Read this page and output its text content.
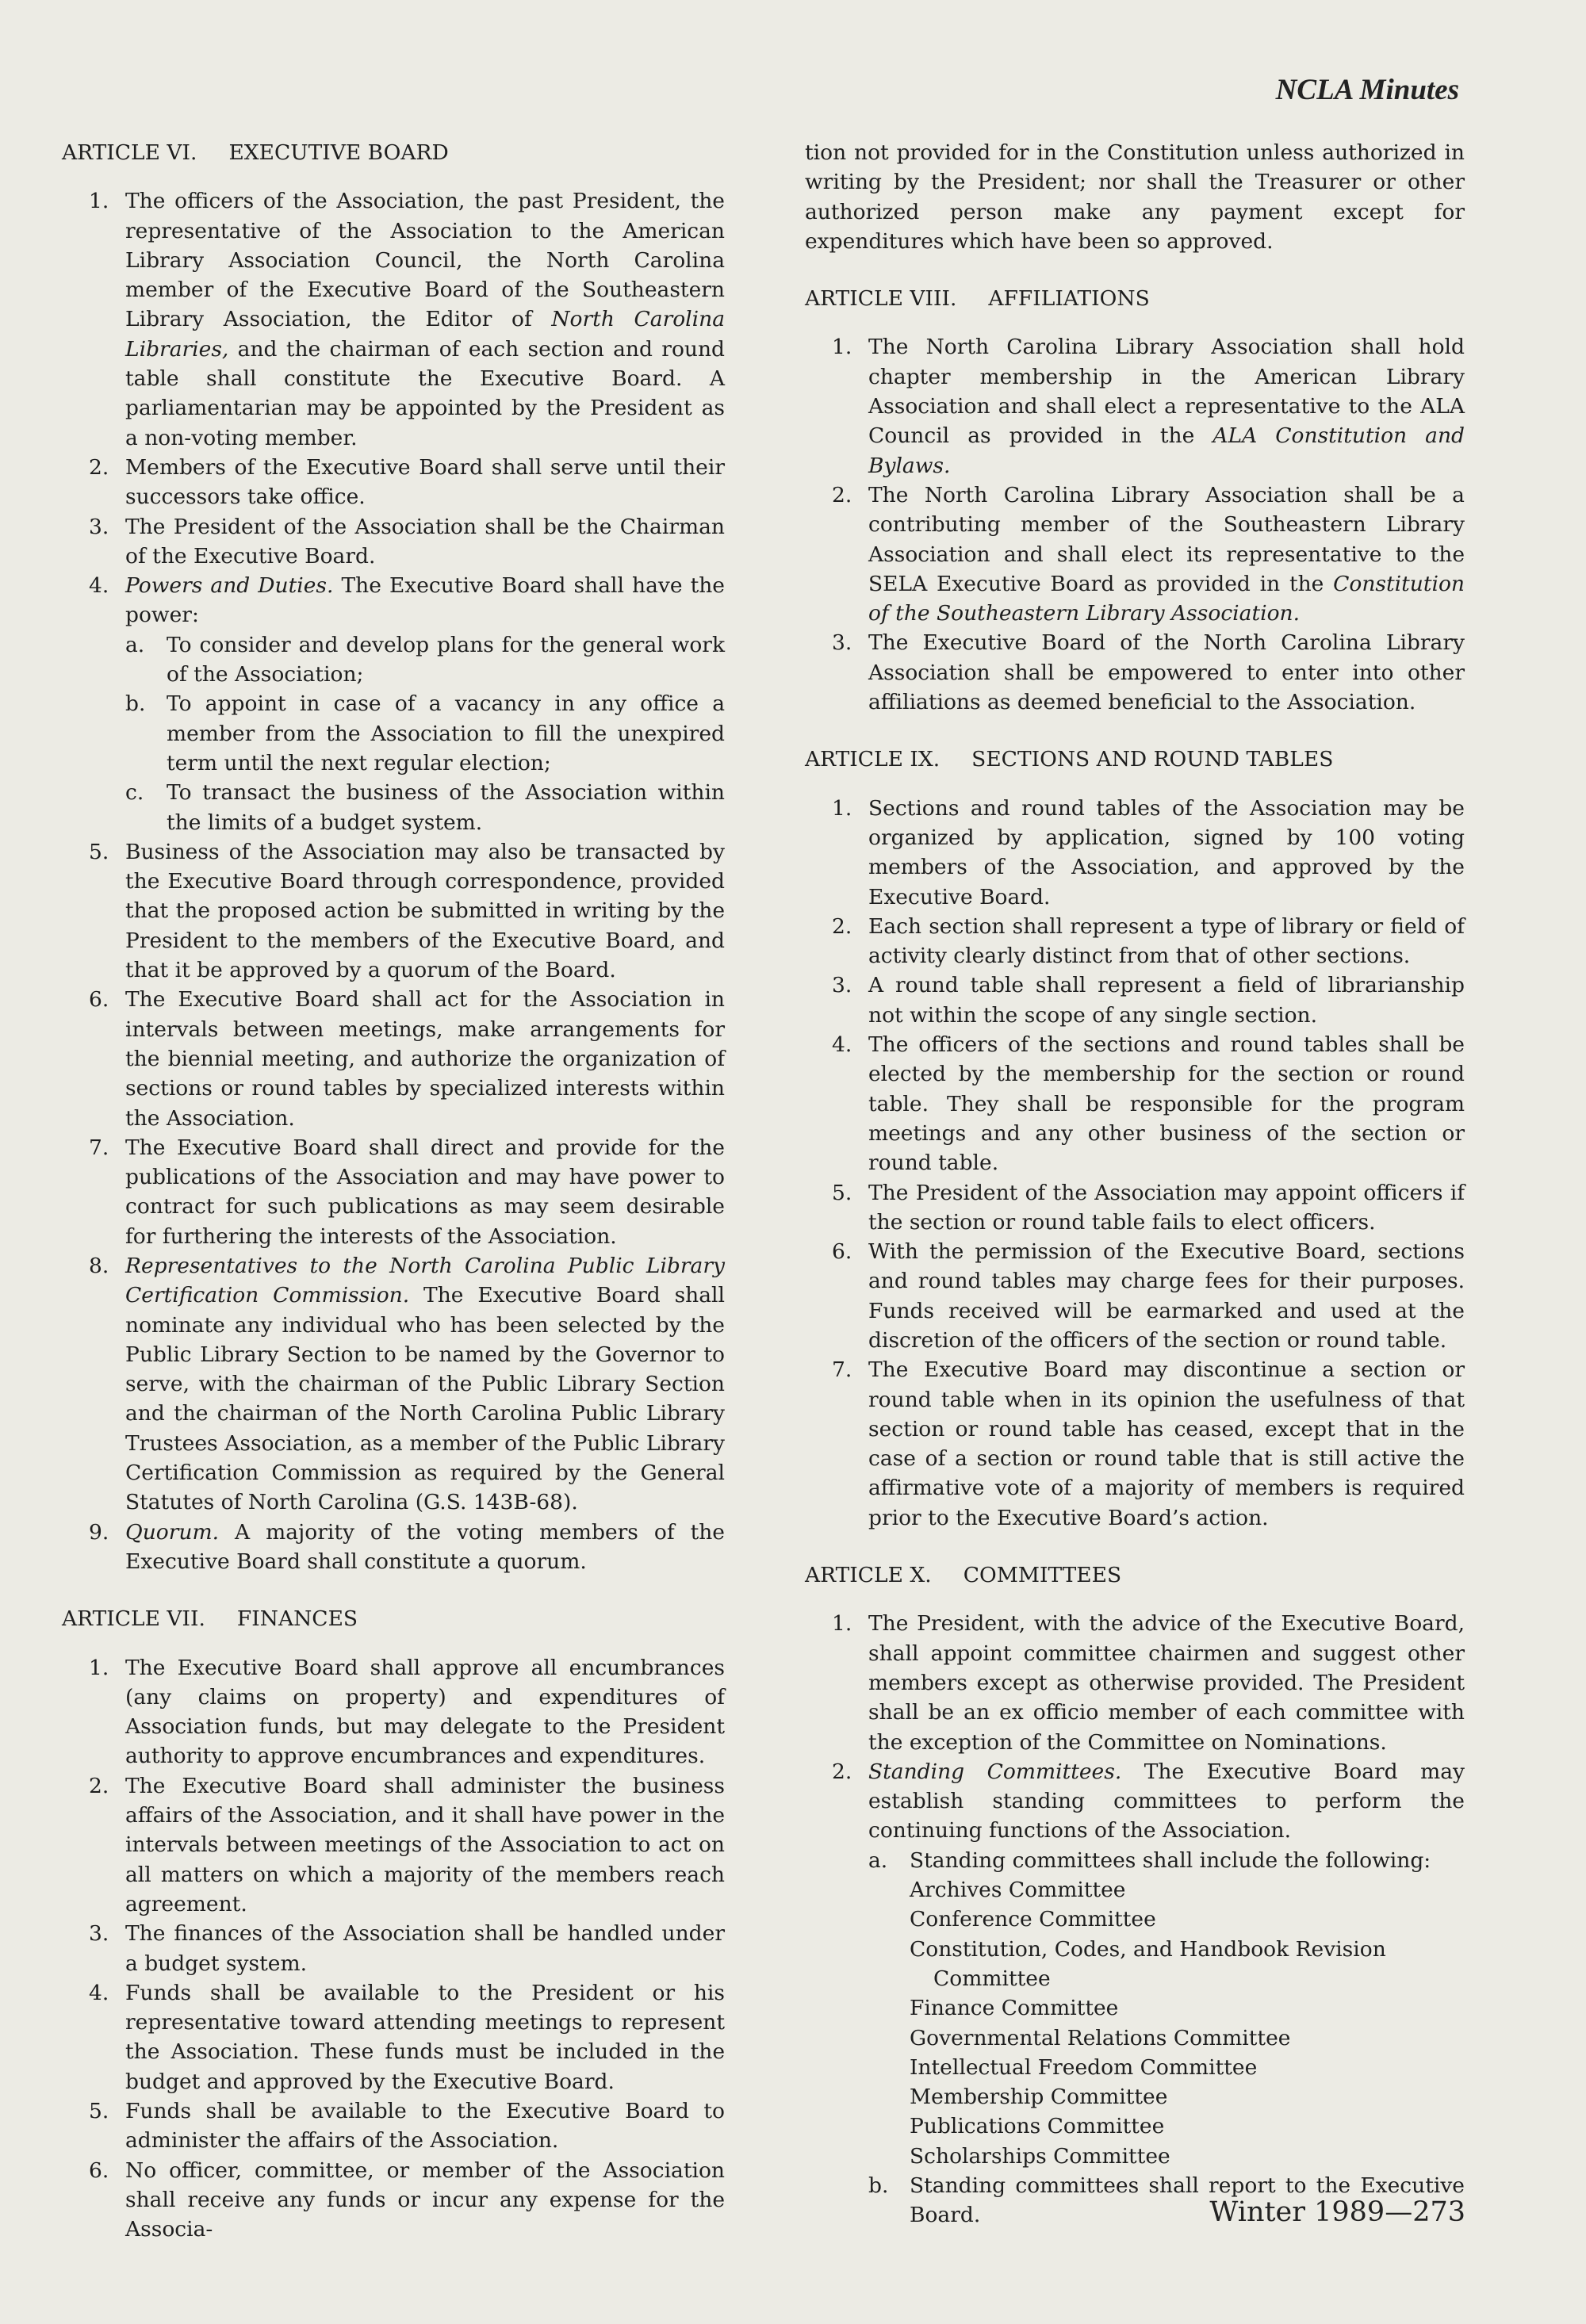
NCLA Minutes
ARTICLE VI. EXECUTIVE BOARD
1. The officers of the Association, the past President, the representative of the Association to the American Library Association Council, the North Carolina member of the Executive Board of the Southeastern Library Association, the Editor of North Carolina Libraries, and the chairman of each section and round table shall constitute the Executive Board. A parliamentarian may be appointed by the President as a non-voting member.
2. Members of the Executive Board shall serve until their successors take office.
3. The President of the Association shall be the Chairman of the Executive Board.
4. Powers and Duties. The Executive Board shall have the power:
a. To consider and develop plans for the general work of the Association;
b. To appoint in case of a vacancy in any office a member from the Association to fill the unexpired term until the next regular election;
c. To transact the business of the Association within the limits of a budget system.
5. Business of the Association may also be transacted by the Executive Board through correspondence, provided that the proposed action be submitted in writing by the President to the members of the Executive Board, and that it be approved by a quorum of the Board.
6. The Executive Board shall act for the Association in intervals between meetings, make arrangements for the biennial meeting, and authorize the organization of sections or round tables by specialized interests within the Association.
7. The Executive Board shall direct and provide for the publications of the Association and may have power to contract for such publications as may seem desirable for furthering the interests of the Association.
8. Representatives to the North Carolina Public Library Certification Commission. The Executive Board shall nominate any individual who has been selected by the Public Library Section to be named by the Governor to serve, with the chairman of the Public Library Section and the chairman of the North Carolina Public Library Trustees Association, as a member of the Public Library Certification Commission as required by the General Statutes of North Carolina (G.S. 143B-68).
9. Quorum. A majority of the voting members of the Executive Board shall constitute a quorum.
ARTICLE VII. FINANCES
1. The Executive Board shall approve all encumbrances (any claims on property) and expenditures of Association funds, but may delegate to the President authority to approve encumbrances and expenditures.
2. The Executive Board shall administer the business affairs of the Association, and it shall have power in the intervals between meetings of the Association to act on all matters on which a majority of the members reach agreement.
3. The finances of the Association shall be handled under a budget system.
4. Funds shall be available to the President or his representative toward attending meetings to represent the Association. These funds must be included in the budget and approved by the Executive Board.
5. Funds shall be available to the Executive Board to administer the affairs of the Association.
6. No officer, committee, or member of the Association shall receive any funds or incur any expense for the Associa-

tion not provided for in the Constitution unless authorized in writing by the President; nor shall the Treasurer or other authorized person make any payment except for expenditures which have been so approved.

ARTICLE VIII. AFFILIATIONS
1. The North Carolina Library Association shall hold chapter membership in the American Library Association and shall elect a representative to the ALA Council as provided in the ALA Constitution and Bylaws.
2. The North Carolina Library Association shall be a contributing member of the Southeastern Library Association and shall elect its representative to the SELA Executive Board as provided in the Constitution of the Southeastern Library Association.
3. The Executive Board of the North Carolina Library Association shall be empowered to enter into other affiliations as deemed beneficial to the Association.
ARTICLE IX. SECTIONS AND ROUND TABLES
1. Sections and round tables of the Association may be organized by application, signed by 100 voting members of the Association, and approved by the Executive Board.
2. Each section shall represent a type of library or field of activity clearly distinct from that of other sections.
3. A round table shall represent a field of librarianship not within the scope of any single section.
4. The officers of the sections and round tables shall be elected by the membership for the section or round table. They shall be responsible for the program meetings and any other business of the section or round table.
5. The President of the Association may appoint officers if the section or round table fails to elect officers.
6. With the permission of the Executive Board, sections and round tables may charge fees for their purposes. Funds received will be earmarked and used at the discretion of the officers of the section or round table.
7. The Executive Board may discontinue a section or round table when in its opinion the usefulness of that section or round table has ceased, except that in the case of a section or round table that is still active the affirmative vote of a majority of members is required prior to the Executive Board’s action.
ARTICLE X. COMMITTEES
1. The President, with the advice of the Executive Board, shall appoint committee chairmen and suggest other members except as otherwise provided. The President shall be an ex officio member of each committee with the exception of the Committee on Nominations.
2. Standing Committees. The Executive Board may establish standing committees to perform the continuing functions of the Association.
a. Standing committees shall include the following:
Archives Committee
Conference Committee
Constitution, Codes, and Handbook Revision
Committee
Finance Committee
Governmental Relations Committee
Intellectual Freedom Committee
Membership Committee
Publications Committee
Scholarships Committee
b. Standing committees shall report to the Executive Board.	Winter 1989—273
